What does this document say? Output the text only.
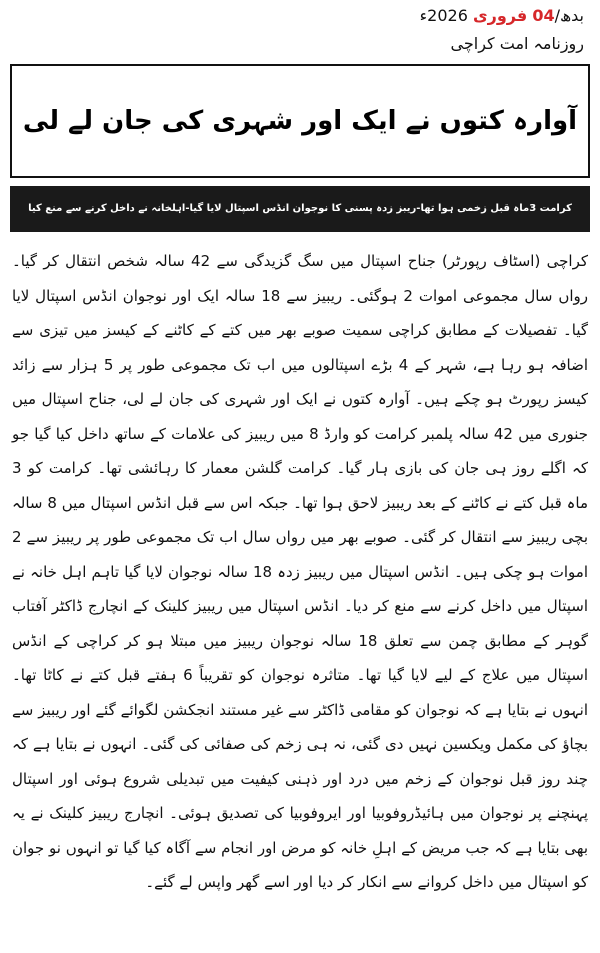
بدھ/04 فروری 2026ء
روزنامہ امت کراچی
آوارہ کتوں نے ایک اور شہری کی جان لے لی
کرامت 3ماہ قبل زخمی ہوا تھا-ریبز زدہ پسنی کا نوجوان انڈس اسپتال لایا گیا-اہلخانہ نے داخل کرنے سے منع کیا
کراچی (اسٹاف رپورٹر) جناح اسپتال میں سگ گزیدگی سے 42 سالہ شخص انتقال کر گیا۔ رواں سال مجموعی اموات 2 ہوگئی۔ ریبیز سے 18 سالہ ایک اور نوجوان انڈس اسپتال لایا گیا۔ تفصیلات کے مطابق کراچی سمیت صوبے بھر میں کتے کے کاٹنے کے کیسز میں تیزی سے اضافہ ہو رہا ہے، شہر کے 4 بڑے اسپتالوں میں اب تک مجموعی طور پر 5 ہزار سے زائد کیسز رپورٹ ہو چکے ہیں۔ آوارہ کتوں نے ایک اور شہری کی جان لے لی، جناح اسپتال میں جنوری میں 42 سالہ پلمبر کرامت کو وارڈ 8 میں ریبیز کی علامات کے ساتھ داخل کیا گیا جو کہ اگلے روز ہی جان کی بازی ہار گیا۔ کرامت گلشن معمار کا رہائشی تھا۔ کرامت کو 3 ماہ قبل کتے نے کاٹنے کے بعد ریبیز لاحق ہوا تھا۔ جبکہ اس سے قبل انڈس اسپتال میں 8 سالہ بچی ریبیز سے انتقال کر گئی۔ صوبے بھر میں رواں سال اب تک مجموعی طور پر ریبیز سے 2 اموات ہو چکی ہیں۔ انڈس اسپتال میں ریبیز زدہ 18 سالہ نوجوان لایا گیا تاہم اہل خانہ نے اسپتال میں داخل کرنے سے منع کر دیا۔ انڈس اسپتال میں ریبیز کلینک کے انچارج ڈاکٹر آفتاب گوہر کے مطابق چمن سے تعلق 18 سالہ نوجوان ریبیز میں مبتلا ہو کر کراچی کے انڈس اسپتال میں علاج کے لیے لایا گیا تھا۔ متاثرہ نوجوان کو تقریباً 6 ہفتے قبل کتے نے کاٹا تھا۔ انہوں نے بتایا ہے کہ نوجوان کو مقامی ڈاکٹر سے غیر مستند انجکشن لگوائے گئے اور ریبیز سے بچاؤ کی مکمل ویکسین نہیں دی گئی، نہ ہی زخم کی صفائی کی گئی۔ انہوں نے بتایا ہے کہ چند روز قبل نوجوان کے زخم میں درد اور ذہنی کیفیت میں تبدیلی شروع ہوئی اور اسپتال پہنچنے پر نوجوان میں ہائیڈروفوبیا اور ایروفوبیا کی تصدیق ہوئی۔ انچارج ریبیز کلینک نے یہ بھی بتایا ہے کہ جب مریض کے اہلِ خانہ کو مرض اور انجام سے آگاہ کیا گیا تو انہوں نو جوان کو اسپتال میں داخل کروانے سے انکار کر دیا اور اسے گھر واپس لے گئے۔
